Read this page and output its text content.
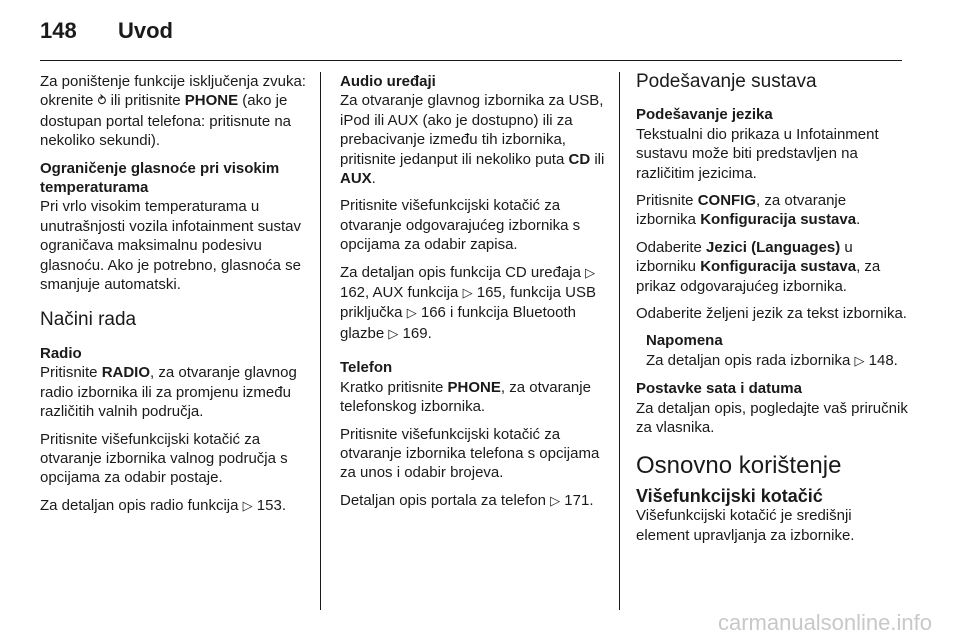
148 Uvod

Za poništenje funkcije isključenja zvuka: okrenite ⥁ ili pritisnite PHONE (ako je dostupan portal telefona: pritisnute na nekoliko sekundi).

Ograničenje glasnoće pri visokim temperaturama

Pri vrlo visokim temperaturama u unutrašnjosti vozila infotainment sustav ograničava maksimalnu podesivu glasnoću. Ako je potrebno, glasnoća se smanjuje automatski.

Načini rada

Radio

Pritisnite RADIO, za otvaranje glavnog radio izbornika ili za promjenu između različitih valnih područja.

Pritisnite višefunkcijski kotačić za otvaranje izbornika valnog područja s opcijama za odabir postaje.

Za detaljan opis radio funkcija ▷ 153.

Audio uređaji

Za otvaranje glavnog izbornika za USB, iPod ili AUX (ako je dostupno) ili za prebacivanje između tih izbornika, pritisnite jedanput ili nekoliko puta CD ili AUX.

Pritisnite višefunkcijski kotačić za otvaranje odgovarajućeg izbornika s opcijama za odabir zapisa.

Za detaljan opis funkcija CD uređaja ▷ 162, AUX funkcija ▷ 165, funkcija USB priključka ▷ 166 i funkcija Bluetooth glazbe ▷ 169.

Telefon

Kratko pritisnite PHONE, za otvaranje telefonskog izbornika.

Pritisnite višefunkcijski kotačić za otvaranje izbornika telefona s opcijama za unos i odabir brojeva.

Detaljan opis portala za telefon ▷ 171.

Podešavanje sustava

Podešavanje jezika

Tekstualni dio prikaza u Infotainment sustavu može biti predstavljen na različitim jezicima.

Pritisnite CONFIG, za otvaranje izbornika Konfiguracija sustava.

Odaberite Jezici (Languages) u izborniku Konfiguracija sustava, za prikaz odgovarajućeg izbornika.

Odaberite željeni jezik za tekst izbornika.

Napomena

Za detaljan opis rada izbornika ▷ 148.

Postavke sata i datuma

Za detaljan opis, pogledajte vaš priručnik za vlasnika.

Osnovno korištenje
Višefunkcijski kotačić

Višefunkcijski kotačić je središnji element upravljanja za izbornike.

carmanualsonline.info
